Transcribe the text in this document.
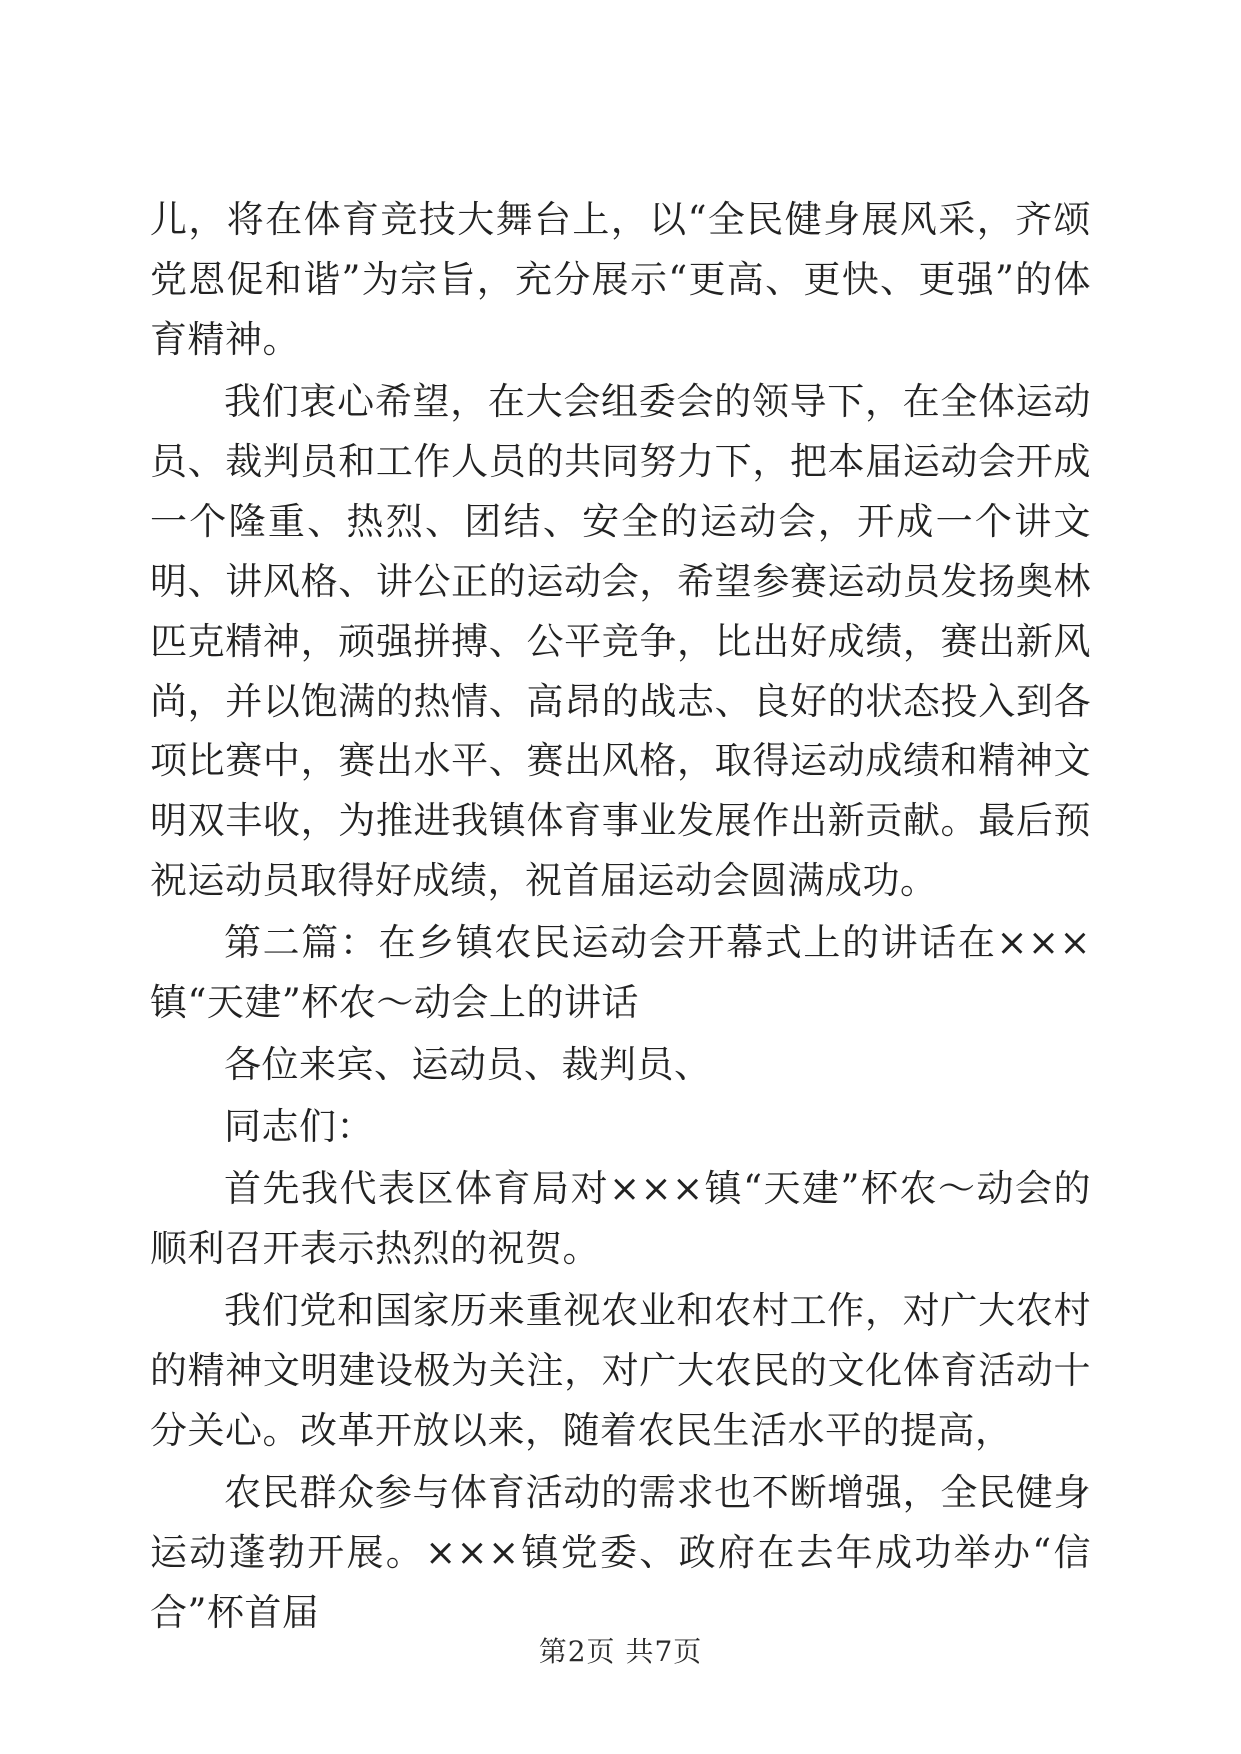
儿，将在体育竞技大舞台上，以“全民健身展风采，齐颂党恩促和谐”为宗旨，充分展示“更高、更快、更强”的体育精神。

我们衷心希望，在大会组委会的领导下，在全体运动员、裁判员和工作人员的共同努力下，把本届运动会开成一个隆重、热烈、团结、安全的运动会，开成一个讲文明、讲风格、讲公正的运动会，希望参赛运动员发扬奥林匹克精神，顽强拼搏、公平竞争，比出好成绩，赛出新风尚，并以饱满的热情、高昂的战志、良好的状态投入到各项比赛中，赛出水平、赛出风格，取得运动成绩和精神文明双丰收，为推进我镇体育事业发展作出新贡献。最后预祝运动员取得好成绩，祝首届运动会圆满成功。

第二篇：在乡镇农民运动会开幕式上的讲话在×××镇“天建”杯农～动会上的讲话

各位来宾、运动员、裁判员、

同志们：

首先我代表区体育局对×××镇“天建”杯农～动会的顺利召开表示热烈的祝贺。

我们党和国家历来重视农业和农村工作，对广大农村的精神文明建设极为关注，对广大农民的文化体育活动十分关心。改革开放以来，随着农民生活水平的提高，

农民群众参与体育活动的需求也不断增强，全民健身运动蓬勃开展。×××镇党委、政府在去年成功举办“信合”杯首届

第2页 共7页
